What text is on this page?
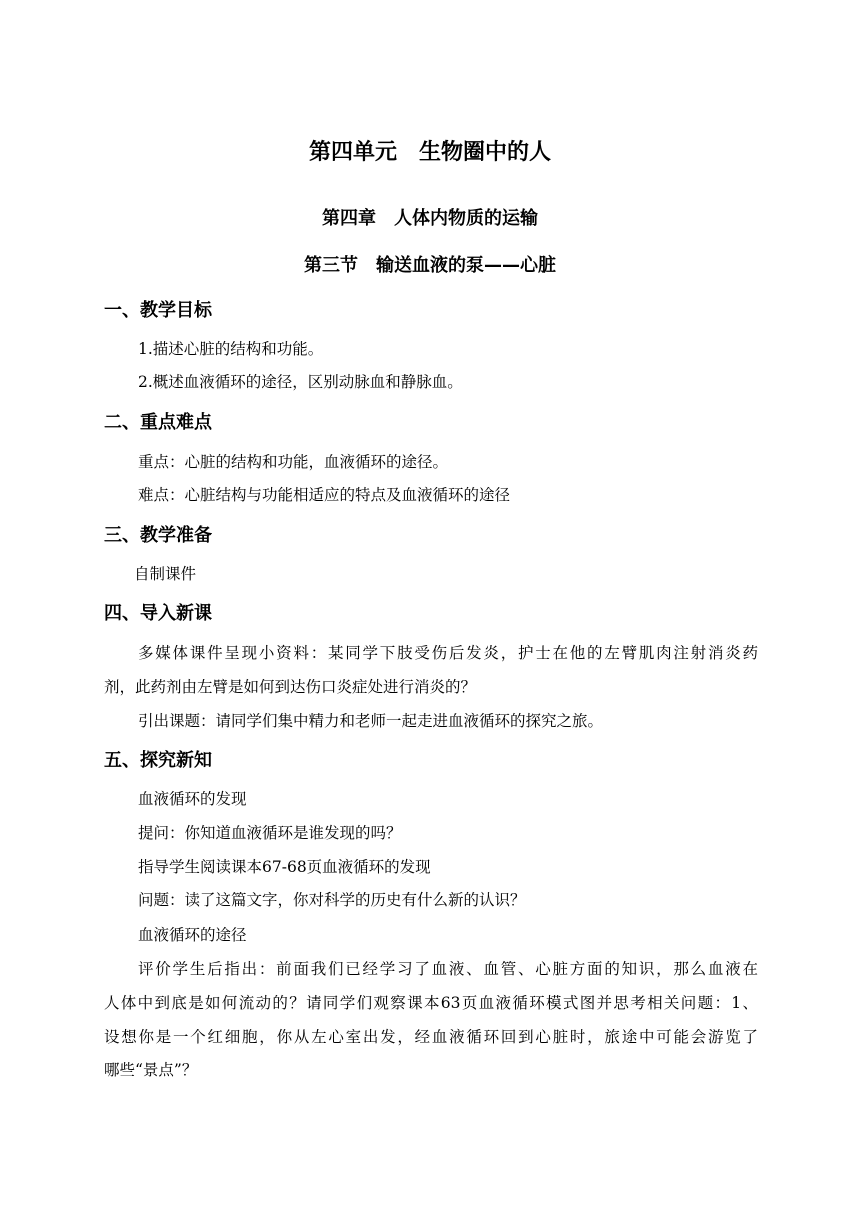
第四单元　生物圈中的人
第四章　人体内物质的运输
第三节　输送血液的泵——心脏
一、教学目标
1.描述心脏的结构和功能。
2.概述血液循环的途径，区别动脉血和静脉血。
二、重点难点
重点：心脏的结构和功能，血液循环的途径。
难点：心脏结构与功能相适应的特点及血液循环的途径
三、教学准备
自制课件
四、导入新课
多媒体课件呈现小资料：某同学下肢受伤后发炎，护士在他的左臂肌肉注射消炎药
剂，此药剂由左臂是如何到达伤口炎症处进行消炎的？
引出课题：请同学们集中精力和老师一起走进血液循环的探究之旅。
五、探究新知
血液循环的发现
提问：你知道血液循环是谁发现的吗？
指导学生阅读课本67-68页血液循环的发现
问题：读了这篇文字，你对科学的历史有什么新的认识？
血液循环的途径
评价学生后指出：前面我们已经学习了血液、血管、心脏方面的知识，那么血液在
人体中到底是如何流动的？请同学们观察课本63页血液循环模式图并思考相关问题：1、
设想你是一个红细胞，你从左心室出发，经血液循环回到心脏时，旅途中可能会游览了
哪些“景点”？
